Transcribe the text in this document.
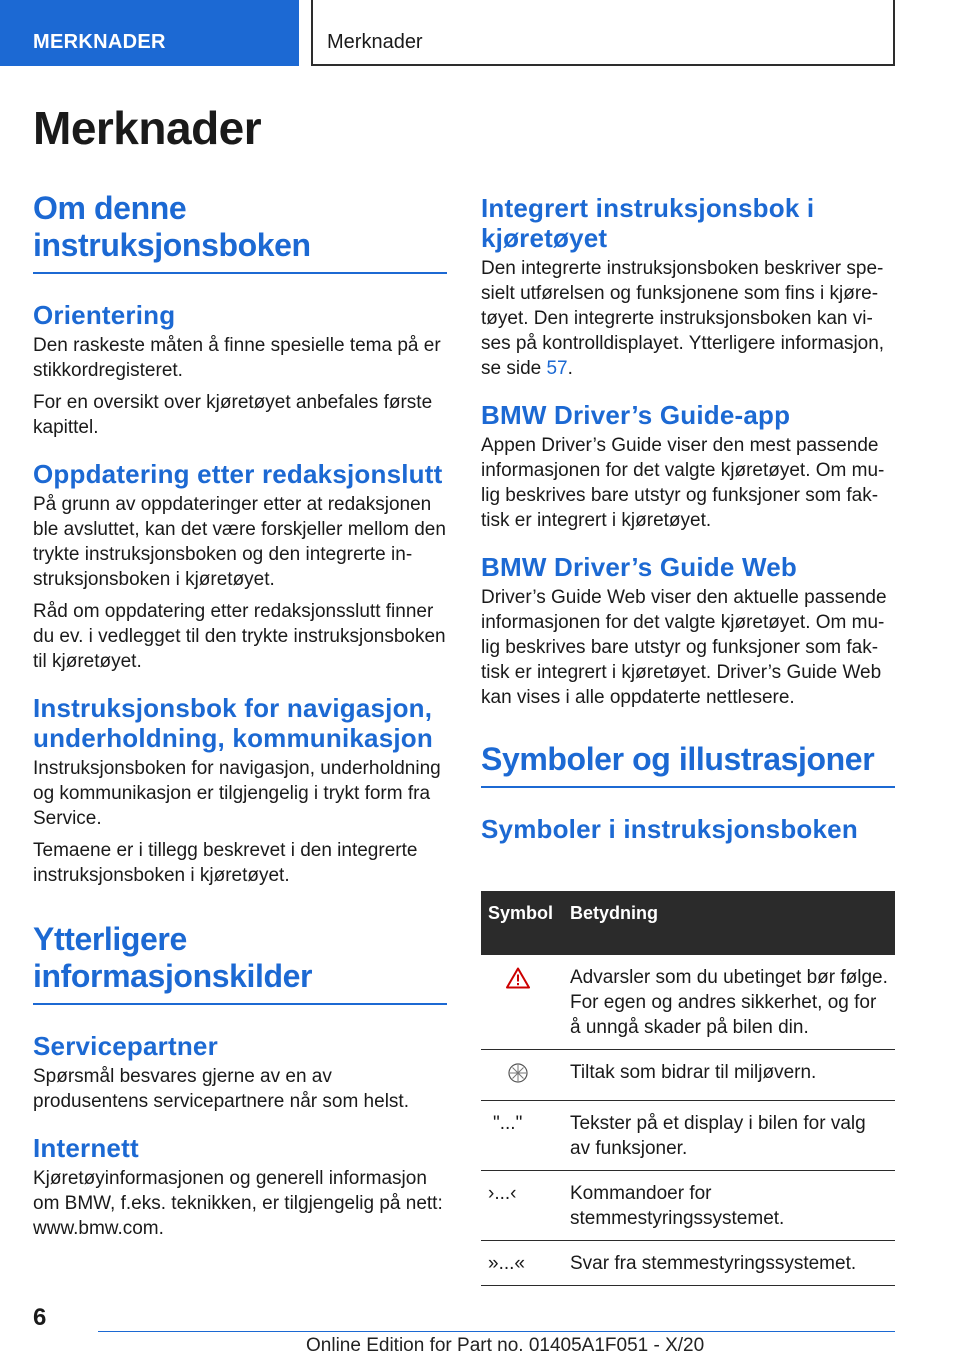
MERKNADER	Merknader
Merknader
Om denne instruksjonsboken
Orientering

Den raskeste måten å finne spesielle tema på er stikkordregisteret.

For en oversikt over kjøretøyet anbefales første kapittel.

Oppdatering etter redaksjonslutt

På grunn av oppdateringer etter at redaksjonen ble avsluttet, kan det være forskjeller mellom den trykte instruksjonsboken og den integrerte instruksjonsboken i kjøretøyet.

Råd om oppdatering etter redaksjonsslutt finner du ev. i vedlegget til den trykte instruksjonsboken til kjøretøyet.

Instruksjonsbok for navigasjon, underholdning, kommunikasjon

Instruksjonsboken for navigasjon, underholdning og kommunikasjon er tilgjengelig i trykt form fra Service.

Temaene er i tillegg beskrevet i den integrerte instruksjonsboken i kjøretøyet.

Ytterligere informasjonskilder
Servicepartner

Spørsmål besvares gjerne av en av produsentens servicepartnere når som helst.

Internett

Kjøretøyinformasjonen og generell informasjon om BMW, f.eks. teknikken, er tilgjengelig på nett: www.bmw.com.

Integrert instruksjonsbok i kjøretøyet

Den integrerte instruksjonsboken beskriver spesielt utførelsen og funksjonene som fins i kjøretøyet. Den integrerte instruksjonsboken kan vises på kontrolldisplayet. Ytterligere informasjon, se side 57.

BMW Driver’s Guide-app

Appen Driver’s Guide viser den mest passende informasjonen for det valgte kjøretøyet. Om mulig beskrives bare utstyr og funksjoner som faktisk er integrert i kjøretøyet.

BMW Driver’s Guide Web

Driver’s Guide Web viser den aktuelle passende informasjonen for det valgte kjøretøyet. Om mulig beskrives bare utstyr og funksjoner som faktisk er integrert i kjøretøyet. Driver’s Guide Web kan vises i alle oppdaterte nettlesere.

Symboler og illustrasjoner
Symboler i instruksjonsboken
Symbol	Betydning
	Advarsler som du ubetinget bør følge. For egen og andres sikkerhet, og for å unngå skader på bilen din.
	Tiltak som bidrar til miljøvern.
"..."	Tekster på et display i bilen for valg av funksjoner.
›...‹	Kommandoer for stemmestyringssystemet.
»...«	Svar fra stemmestyringssystemet.
6
Online Edition for Part no. 01405A1F051 - X/20
